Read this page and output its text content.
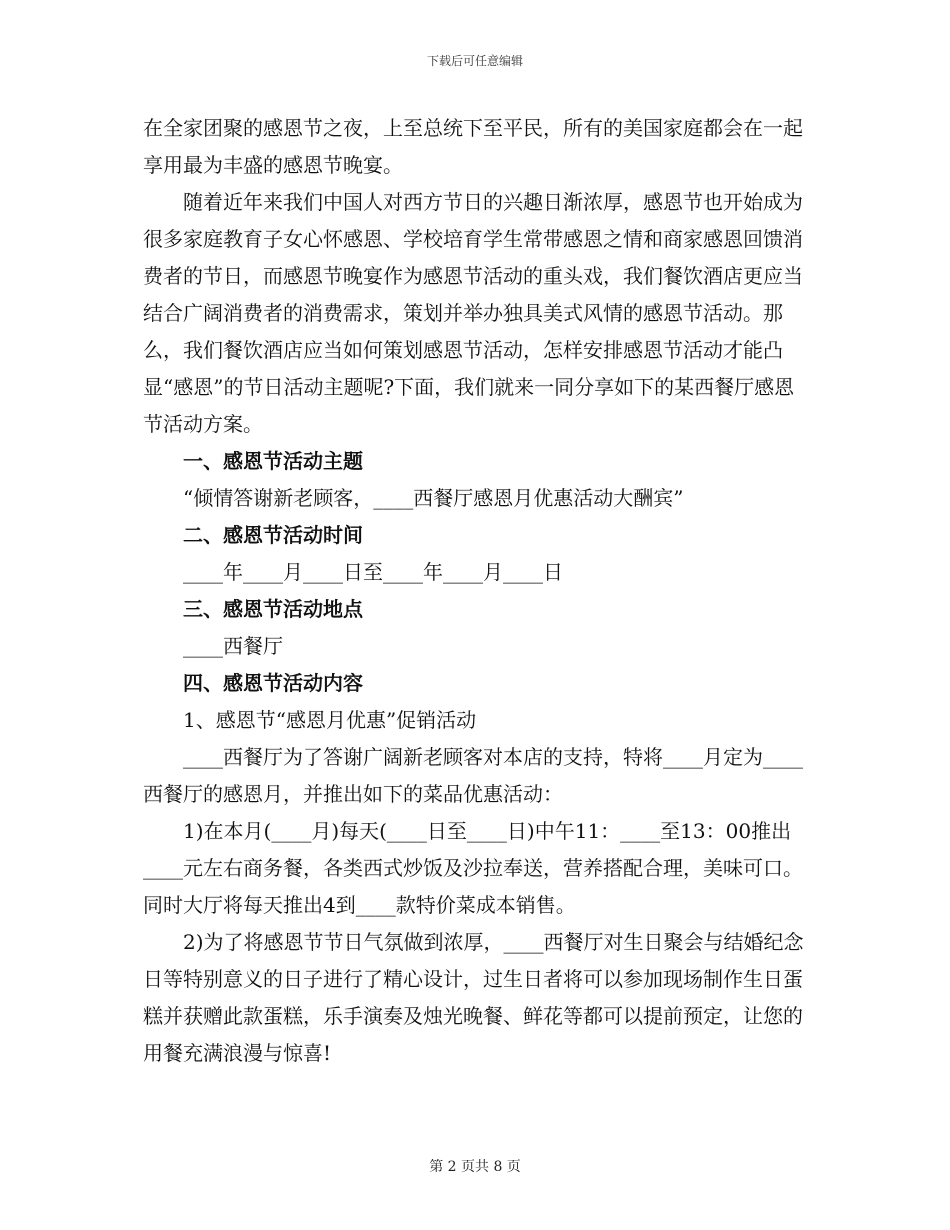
下载后可任意编辑

在全家团聚的感恩节之夜，上至总统下至平民，所有的美国家庭都会在一起享用最为丰盛的感恩节晚宴。

随着近年来我们中国人对西方节日的兴趣日渐浓厚，感恩节也开始成为很多家庭教育子女心怀感恩、学校培育学生常带感恩之情和商家感恩回馈消费者的节日，而感恩节晚宴作为感恩节活动的重头戏，我们餐饮酒店更应当结合广阔消费者的消费需求，策划并举办独具美式风情的感恩节活动。那么，我们餐饮酒店应当如何策划感恩节活动，怎样安排感恩节活动才能凸显“感恩”的节日活动主题呢?下面，我们就来一同分享如下的某西餐厅感恩节活动方案。

一、感恩节活动主题

“倾情答谢新老顾客，____西餐厅感恩月优惠活动大酬宾”

二、感恩节活动时间

____年____月____日至____年____月____日

三、感恩节活动地点

____西餐厅

四、感恩节活动内容

1、感恩节“感恩月优惠”促销活动

____西餐厅为了答谢广阔新老顾客对本店的支持，特将____月定为____西餐厅的感恩月，并推出如下的菜品优惠活动：

1)在本月(____月)每天(____日至____日)中午11：____至13：00推出____元左右商务餐，各类西式炒饭及沙拉奉送，营养搭配合理，美味可口。同时大厅将每天推出4到____款特价菜成本销售。

2)为了将感恩节节日气氛做到浓厚，____西餐厅对生日聚会与结婚纪念日等特别意义的日子进行了精心设计，过生日者将可以参加现场制作生日蛋糕并获赠此款蛋糕，乐手演奏及烛光晚餐、鲜花等都可以提前预定，让您的用餐充满浪漫与惊喜!

第 2 页共 8 页
